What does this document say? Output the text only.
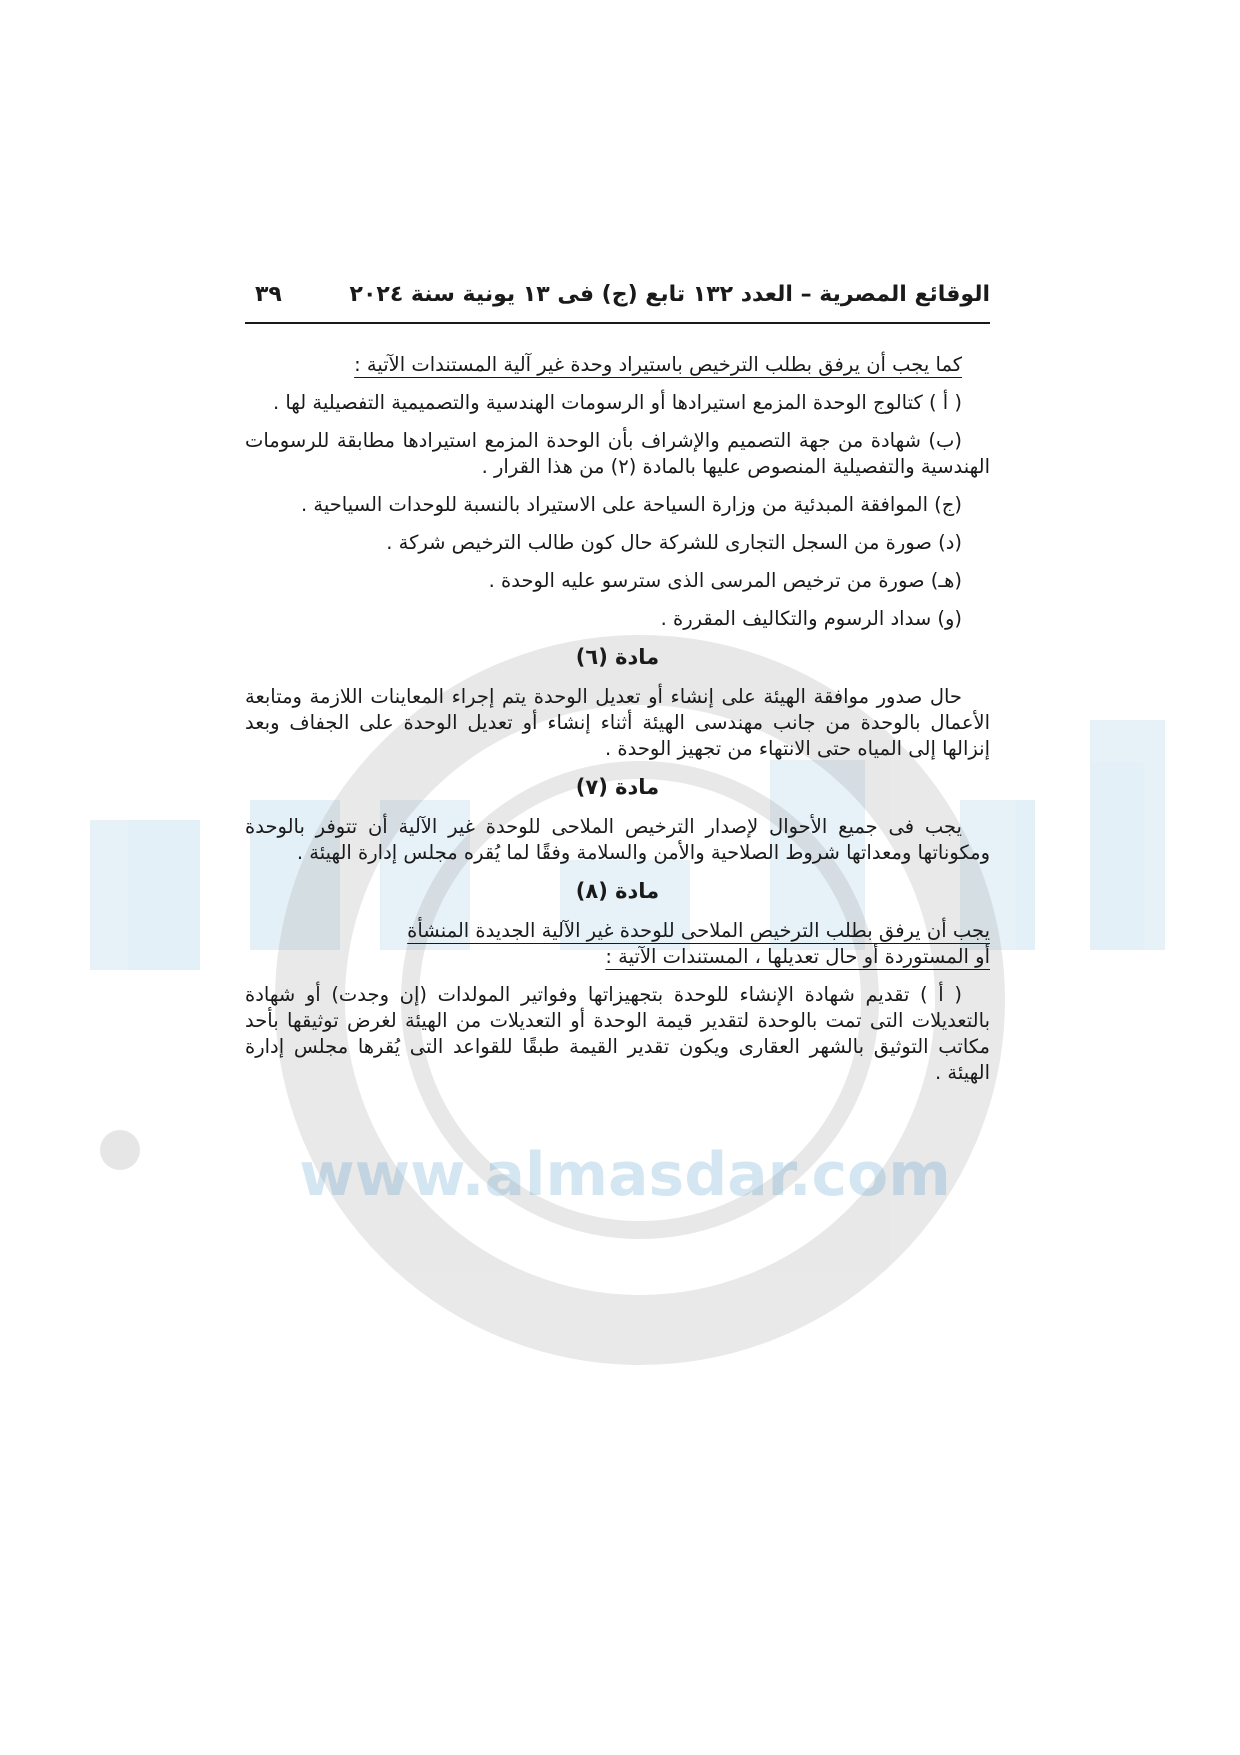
www.almasdar.com
الوقائع المصرية – العدد ١٣٢ تابع (ج) فى ١٣ يونية سنة ٢٠٢٤
٣٩

كما يجب أن يرفق بطلب الترخيص باستيراد وحدة غير آلية المستندات الآتية :

( أ ) كتالوج الوحدة المزمع استيرادها أو الرسومات الهندسية والتصميمية التفصيلية لها .

(ب) شهادة من جهة التصميم والإشراف بأن الوحدة المزمع استيرادها مطابقة للرسومات الهندسية والتفصيلية المنصوص عليها بالمادة (٢) من هذا القرار .

(ج) الموافقة المبدئية من وزارة السياحة على الاستيراد بالنسبة للوحدات السياحية .

(د) صورة من السجل التجارى للشركة حال كون طالب الترخيص شركة .

(هـ) صورة من ترخيص المرسى الذى سترسو عليه الوحدة .

(و) سداد الرسوم والتكاليف المقررة .

مادة (٦)

حال صدور موافقة الهيئة على إنشاء أو تعديل الوحدة يتم إجراء المعاينات اللازمة ومتابعة الأعمال بالوحدة من جانب مهندسى الهيئة أثناء إنشاء أو تعديل الوحدة على الجفاف وبعد إنزالها إلى المياه حتى الانتهاء من تجهيز الوحدة .

مادة (٧)

يجب فى جميع الأحوال لإصدار الترخيص الملاحى للوحدة غير الآلية أن تتوفر بالوحدة ومكوناتها ومعداتها شروط الصلاحية والأمن والسلامة وفقًا لما يُقره مجلس إدارة الهيئة .

مادة (٨)

يجب أن يرفق بطلب الترخيص الملاحى للوحدة غير الآلية الجديدة المنشأة
أو المستوردة أو حال تعديلها ، المستندات الآتية :

( أ ) تقديم شهادة الإنشاء للوحدة بتجهيزاتها وفواتير المولدات (إن وجدت) أو شهادة بالتعديلات التى تمت بالوحدة لتقدير قيمة الوحدة أو التعديلات من الهيئة لغرض توثيقها بأحد مكاتب التوثيق بالشهر العقارى ويكون تقدير القيمة طبقًا للقواعد التى يُقرها مجلس إدارة الهيئة .
